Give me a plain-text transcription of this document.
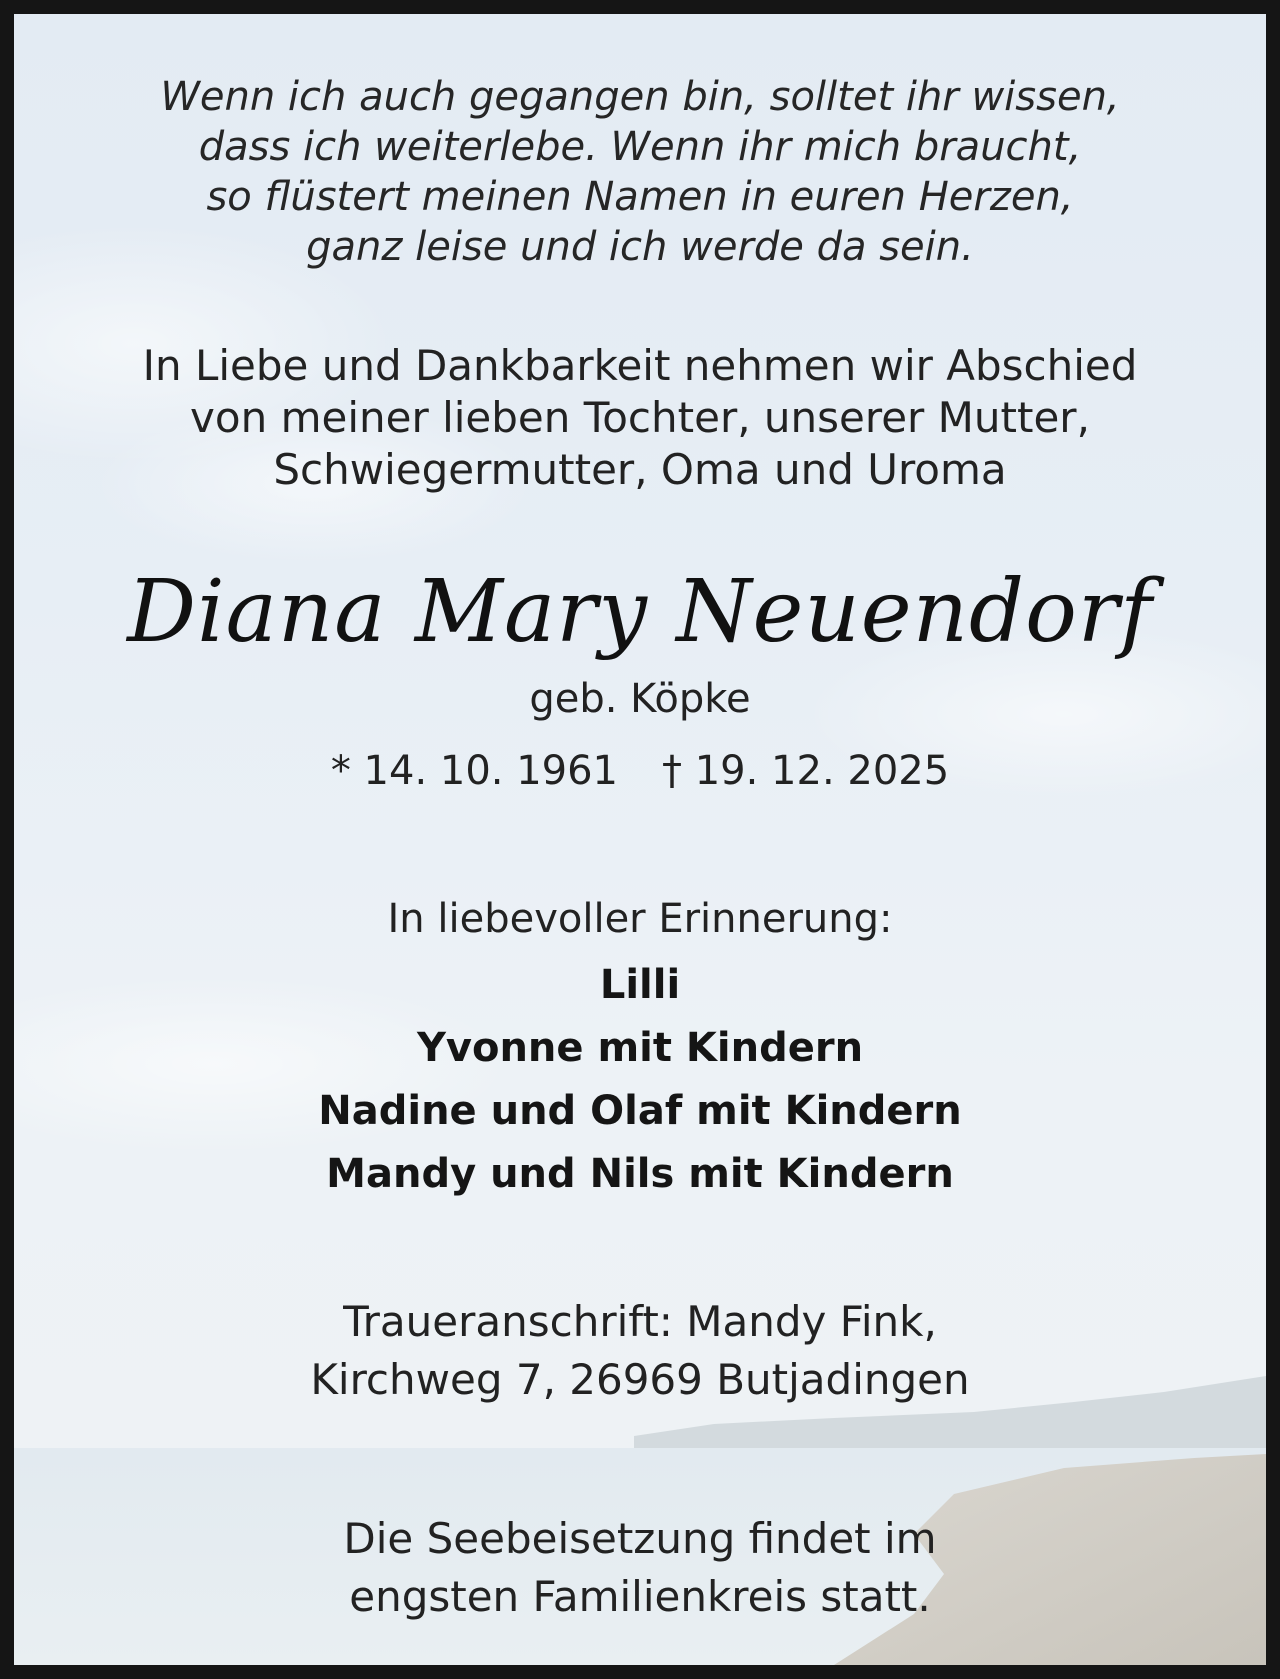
Wenn ich auch gegangen bin, solltet ihr wissen,
dass ich weiterlebe. Wenn ihr mich braucht,
so flüstert meinen Namen in euren Herzen,
ganz leise und ich werde da sein.
In Liebe und Dankbarkeit nehmen wir Abschied
von meiner lieben Tochter, unserer Mutter,
Schwiegermutter, Oma und Uroma
Diana Mary Neuendorf
geb. Köpke
* 14. 10. 1961 † 19. 12. 2025
In liebevoller Erinnerung:
Lilli
Yvonne mit Kindern
Nadine und Olaf mit Kindern
Mandy und Nils mit Kindern
Traueranschrift: Mandy Fink,
Kirchweg 7, 26969 Butjadingen
Die Seebeisetzung findet im
engsten Familienkreis statt.
